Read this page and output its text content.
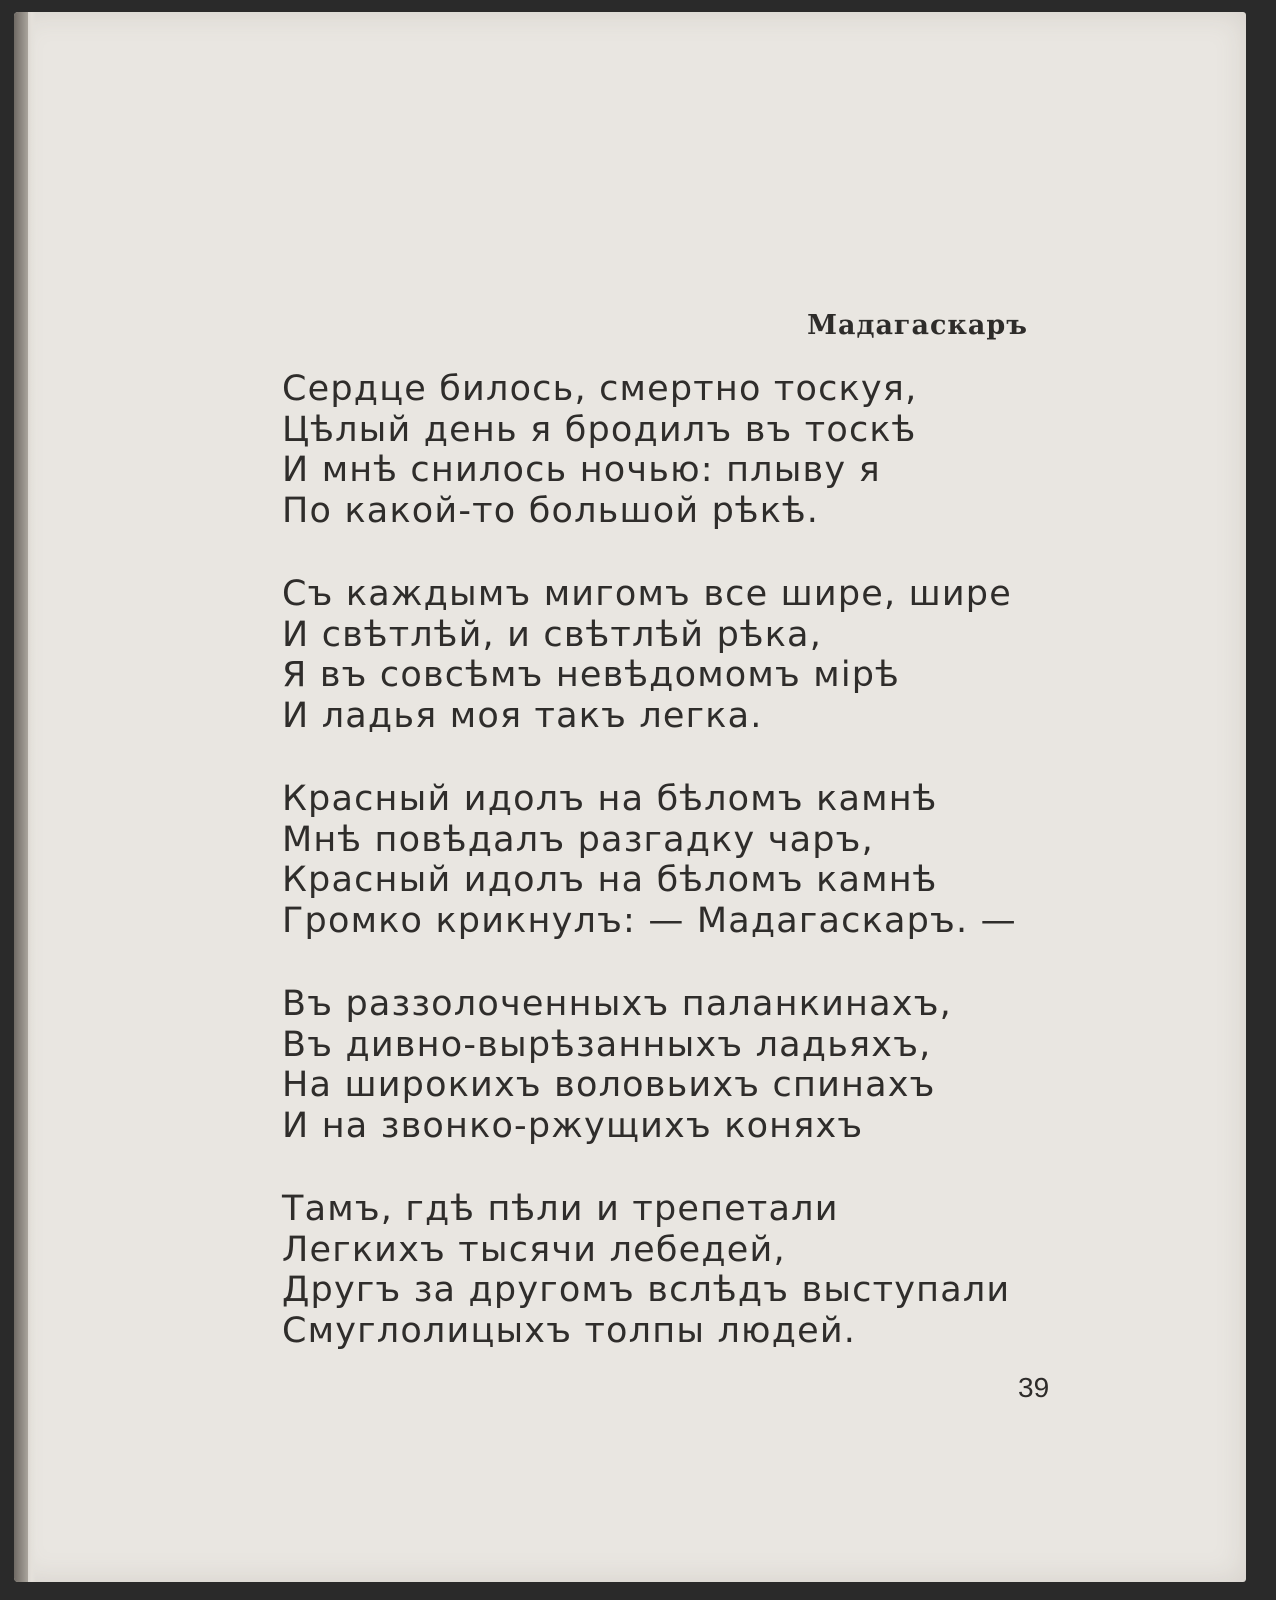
Мадагаскаръ
Сердце билось, смертно тоскуя,
Цѣлый день я бродилъ въ тоскѣ
И мнѣ снилось ночью: плыву я
По какой-то большой рѣкѣ.
Съ каждымъ мигомъ все шире, шире
И свѣтлѣй, и свѣтлѣй рѣка,
Я въ совсѣмъ невѣдомомъ мірѣ
И ладья моя такъ легка.
Красный идолъ на бѣломъ камнѣ
Мнѣ повѣдалъ разгадку чаръ,
Красный идолъ на бѣломъ камнѣ
Громко крикнулъ: — Мадагаскаръ. —
Въ раззолоченныхъ паланкинахъ,
Въ дивно-вырѣзанныхъ ладьяхъ,
На широкихъ воловьихъ спинахъ
И на звонко-ржущихъ коняхъ
Тамъ, гдѣ пѣли и трепетали
Легкихъ тысячи лебедей,
Другъ за другомъ вслѣдъ выступали
Смуглолицыхъ толпы людей.
39
